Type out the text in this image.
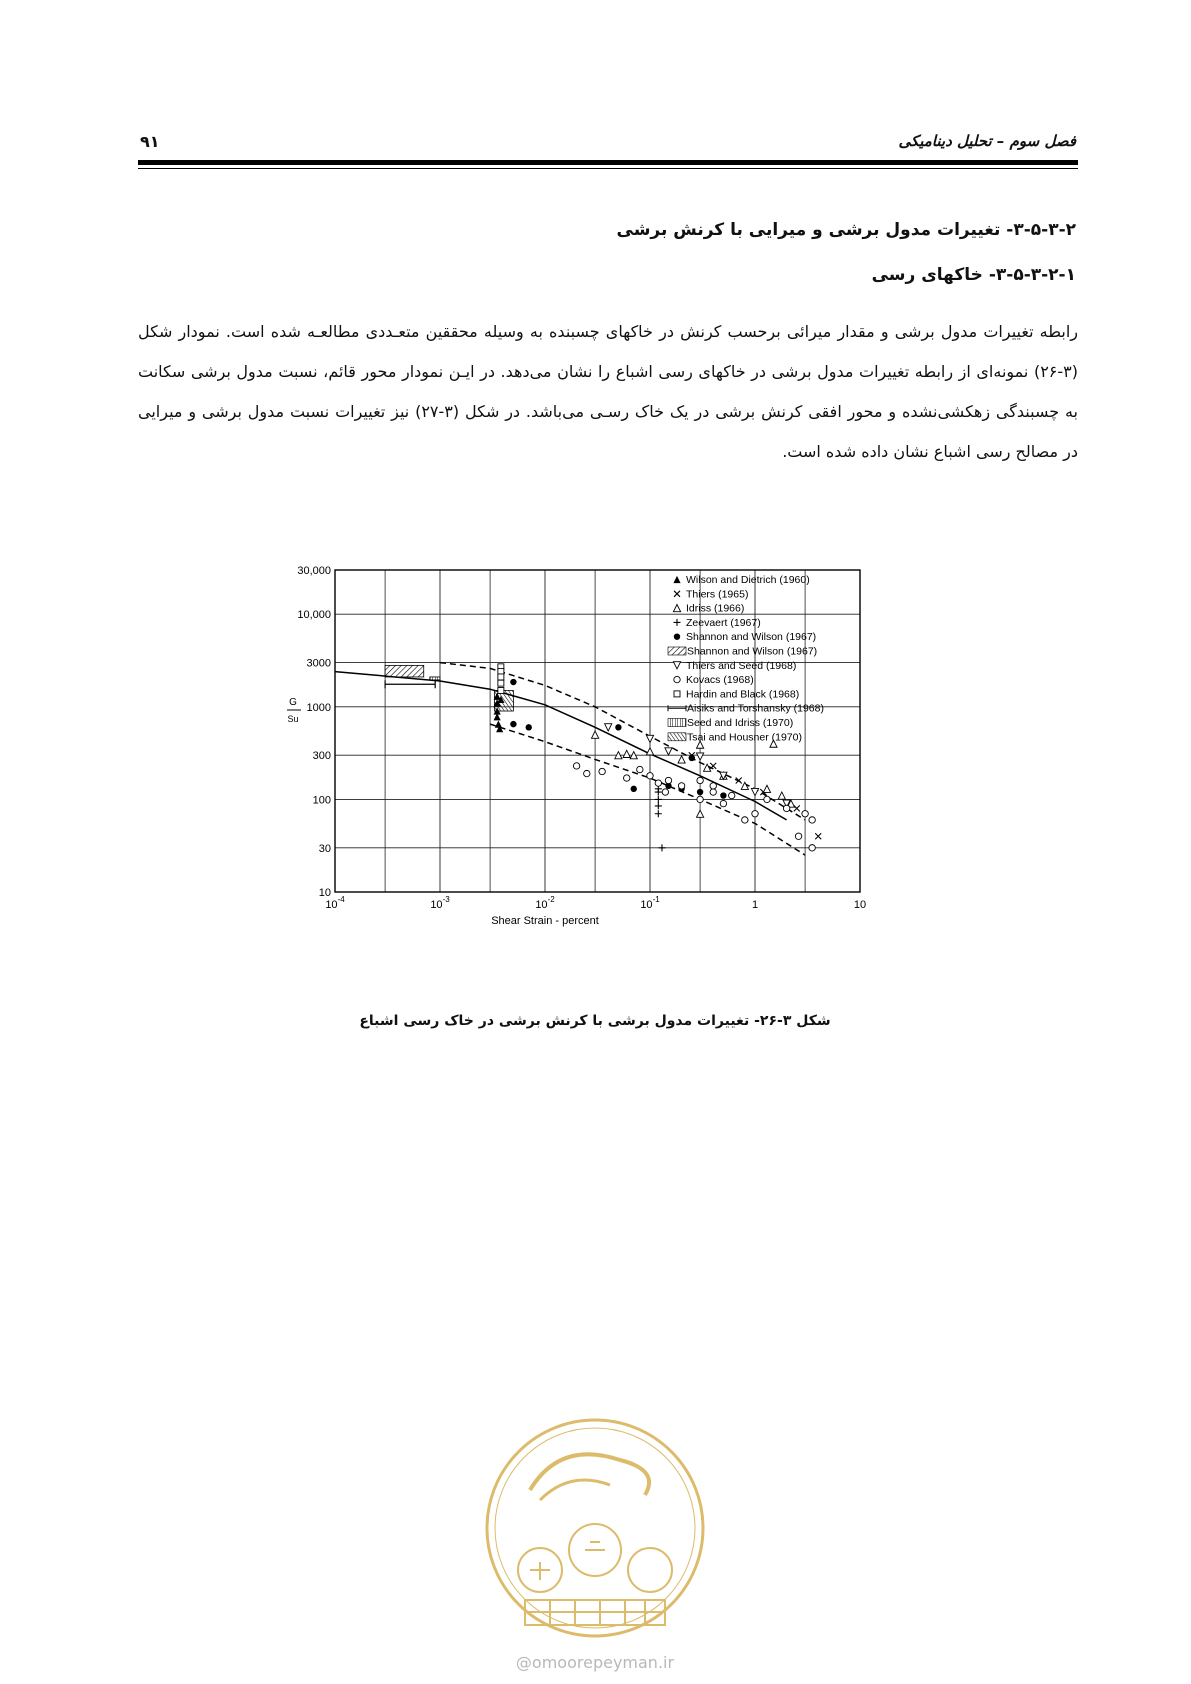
۹۱	فصل سوم – تحلیل دینامیکی
۳-۵-۳-۲- تغییرات مدول برشی و میرایی با کرنش برشی
۳-۵-۳-۲-۱- خاکهای رسی
رابطه تغییرات مدول برشی و مقدار میرائی برحسب کرنش در خاکهای چسبنده به وسیله محققین متعـددی مطالعـه شده است. نمودار شکل (۳-۲۶) نمونه‌ای از رابطه تغییرات مدول برشی در خاکهای رسی اشباع را نشان می‌دهد. در ایـن نمودار محور قائم، نسبت مدول برشی سکانت به چسبندگی زهکشی‌نشده و محور افقی کرنش برشی در یک خاک رسـی می‌باشد. در شکل (۳-۲۷) نیز تغییرات نسبت مدول برشی و میرایی در مصالح رسی اشباع نشان داده شده است.
10
30
100
300
1000
3000
10,000
30,000
$10^{-4}$	$10^{-3}$	$10^{-2}$	$10^{-1}$	1	10
Shear Strain - percent
G
Su
Wilson and Dietrich (1960)
Thiers (1965)
Idriss (1966)
Zeevaert (1967)
Shannon and Wilson (1967)
Shannon and Wilson (1967)
Thiers and Seed (1968)
Kovacs (1968)
Hardin and Black (1968)
Aisiks and Torshansky (1968)
Seed and Idriss (1970)
Tsai and Housner (1970)
شکل ۳-۲۶- تغییرات مدول برشی با کرنش برشی در خاک رسی اشباع
@omoorepeyman.ir
